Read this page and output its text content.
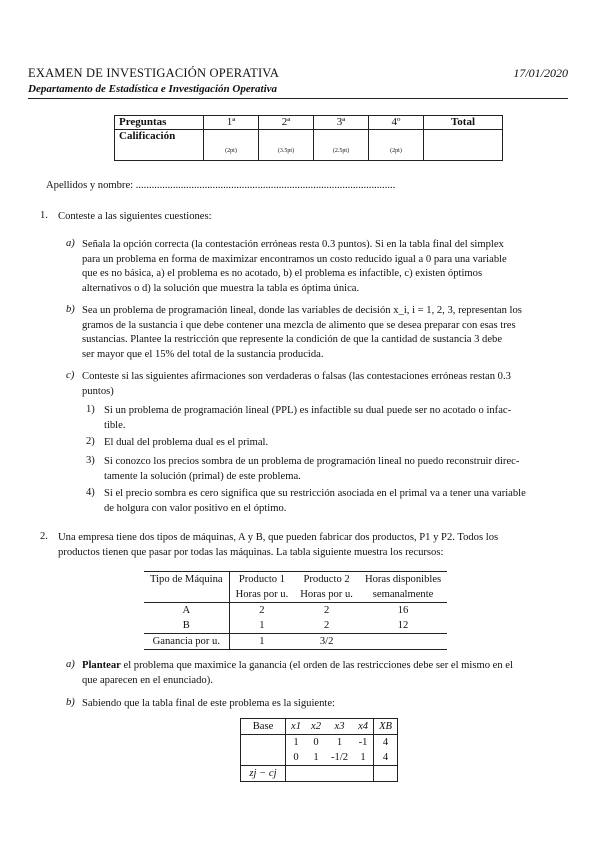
EXAMEN DE INVESTIGACIÓN OPERATIVA	17/01/2020
Departamento de Estadística e Investigación Operativa
Preguntas	1ª	2ª	3ª	4º	Total
Calificación	(2pt)	(3.5pt)	(2.5pt)	(2pt)	

Apellidos y nombre: ..................................................................................................
1. Conteste a las siguientes cuestiones:
a) Señala la opción correcta (la contestación erróneas resta 0.3 puntos). Si en la tabla final del simplex
para un problema en forma de maximizar encontramos un costo reducido igual a 0 para una variable
que es no básica, a) el problema es no acotado, b) el problema es infactible, c) existen óptimos
alternativos o d) la solución que muestra la tabla es óptima única.
b) Sea un problema de programación lineal, donde las variables de decisión x_i, i = 1, 2, 3, representan los
gramos de la sustancia i que debe contener una mezcla de alimento que se desea preparar con esas tres
sustancias. Plantee la restricción que represente la condición de que la cantidad de sustancia 3 debe
ser mayor que el 15% del total de la sustancia producida.
c) Conteste si las siguientes afirmaciones son verdaderas o falsas (las contestaciones erróneas restan 0.3
puntos)
1) Si un problema de programación lineal (PPL) es infactible su dual puede ser no acotado o infac-
tible.
2) El dual del problema dual es el primal.
3) Si conozco los precios sombra de un problema de programación lineal no puedo reconstruir direc-
tamente la solución (primal) de este problema.
4) Si el precio sombra es cero significa que su restricción asociada en el primal va a tener una variable
de holgura con valor positivo en el óptimo.
2. Una empresa tiene dos tipos de máquinas, A y B, que pueden fabricar dos productos, P1 y P2. Todos los
productos tienen que pasar por todas las máquinas. La tabla siguiente muestra los recursos:
Tipo de Máquina	Producto 1	Producto 2	Horas disponibles
	Horas por u.	Horas por u.	semanalmente
A	2	2	16
B	1	2	12
Ganancia por u.	1	3/2	
a) Plantear el problema que maximice la ganancia (el orden de las restricciones debe ser el mismo en el
que aparecen en el enunciado).
b) Sabiendo que la tabla final de este problema es la siguiente:
Base	x1	x2	x3	x4	XB
	1	0	1	-1	4
	0	1	-1/2	1	4
zj − cj					
